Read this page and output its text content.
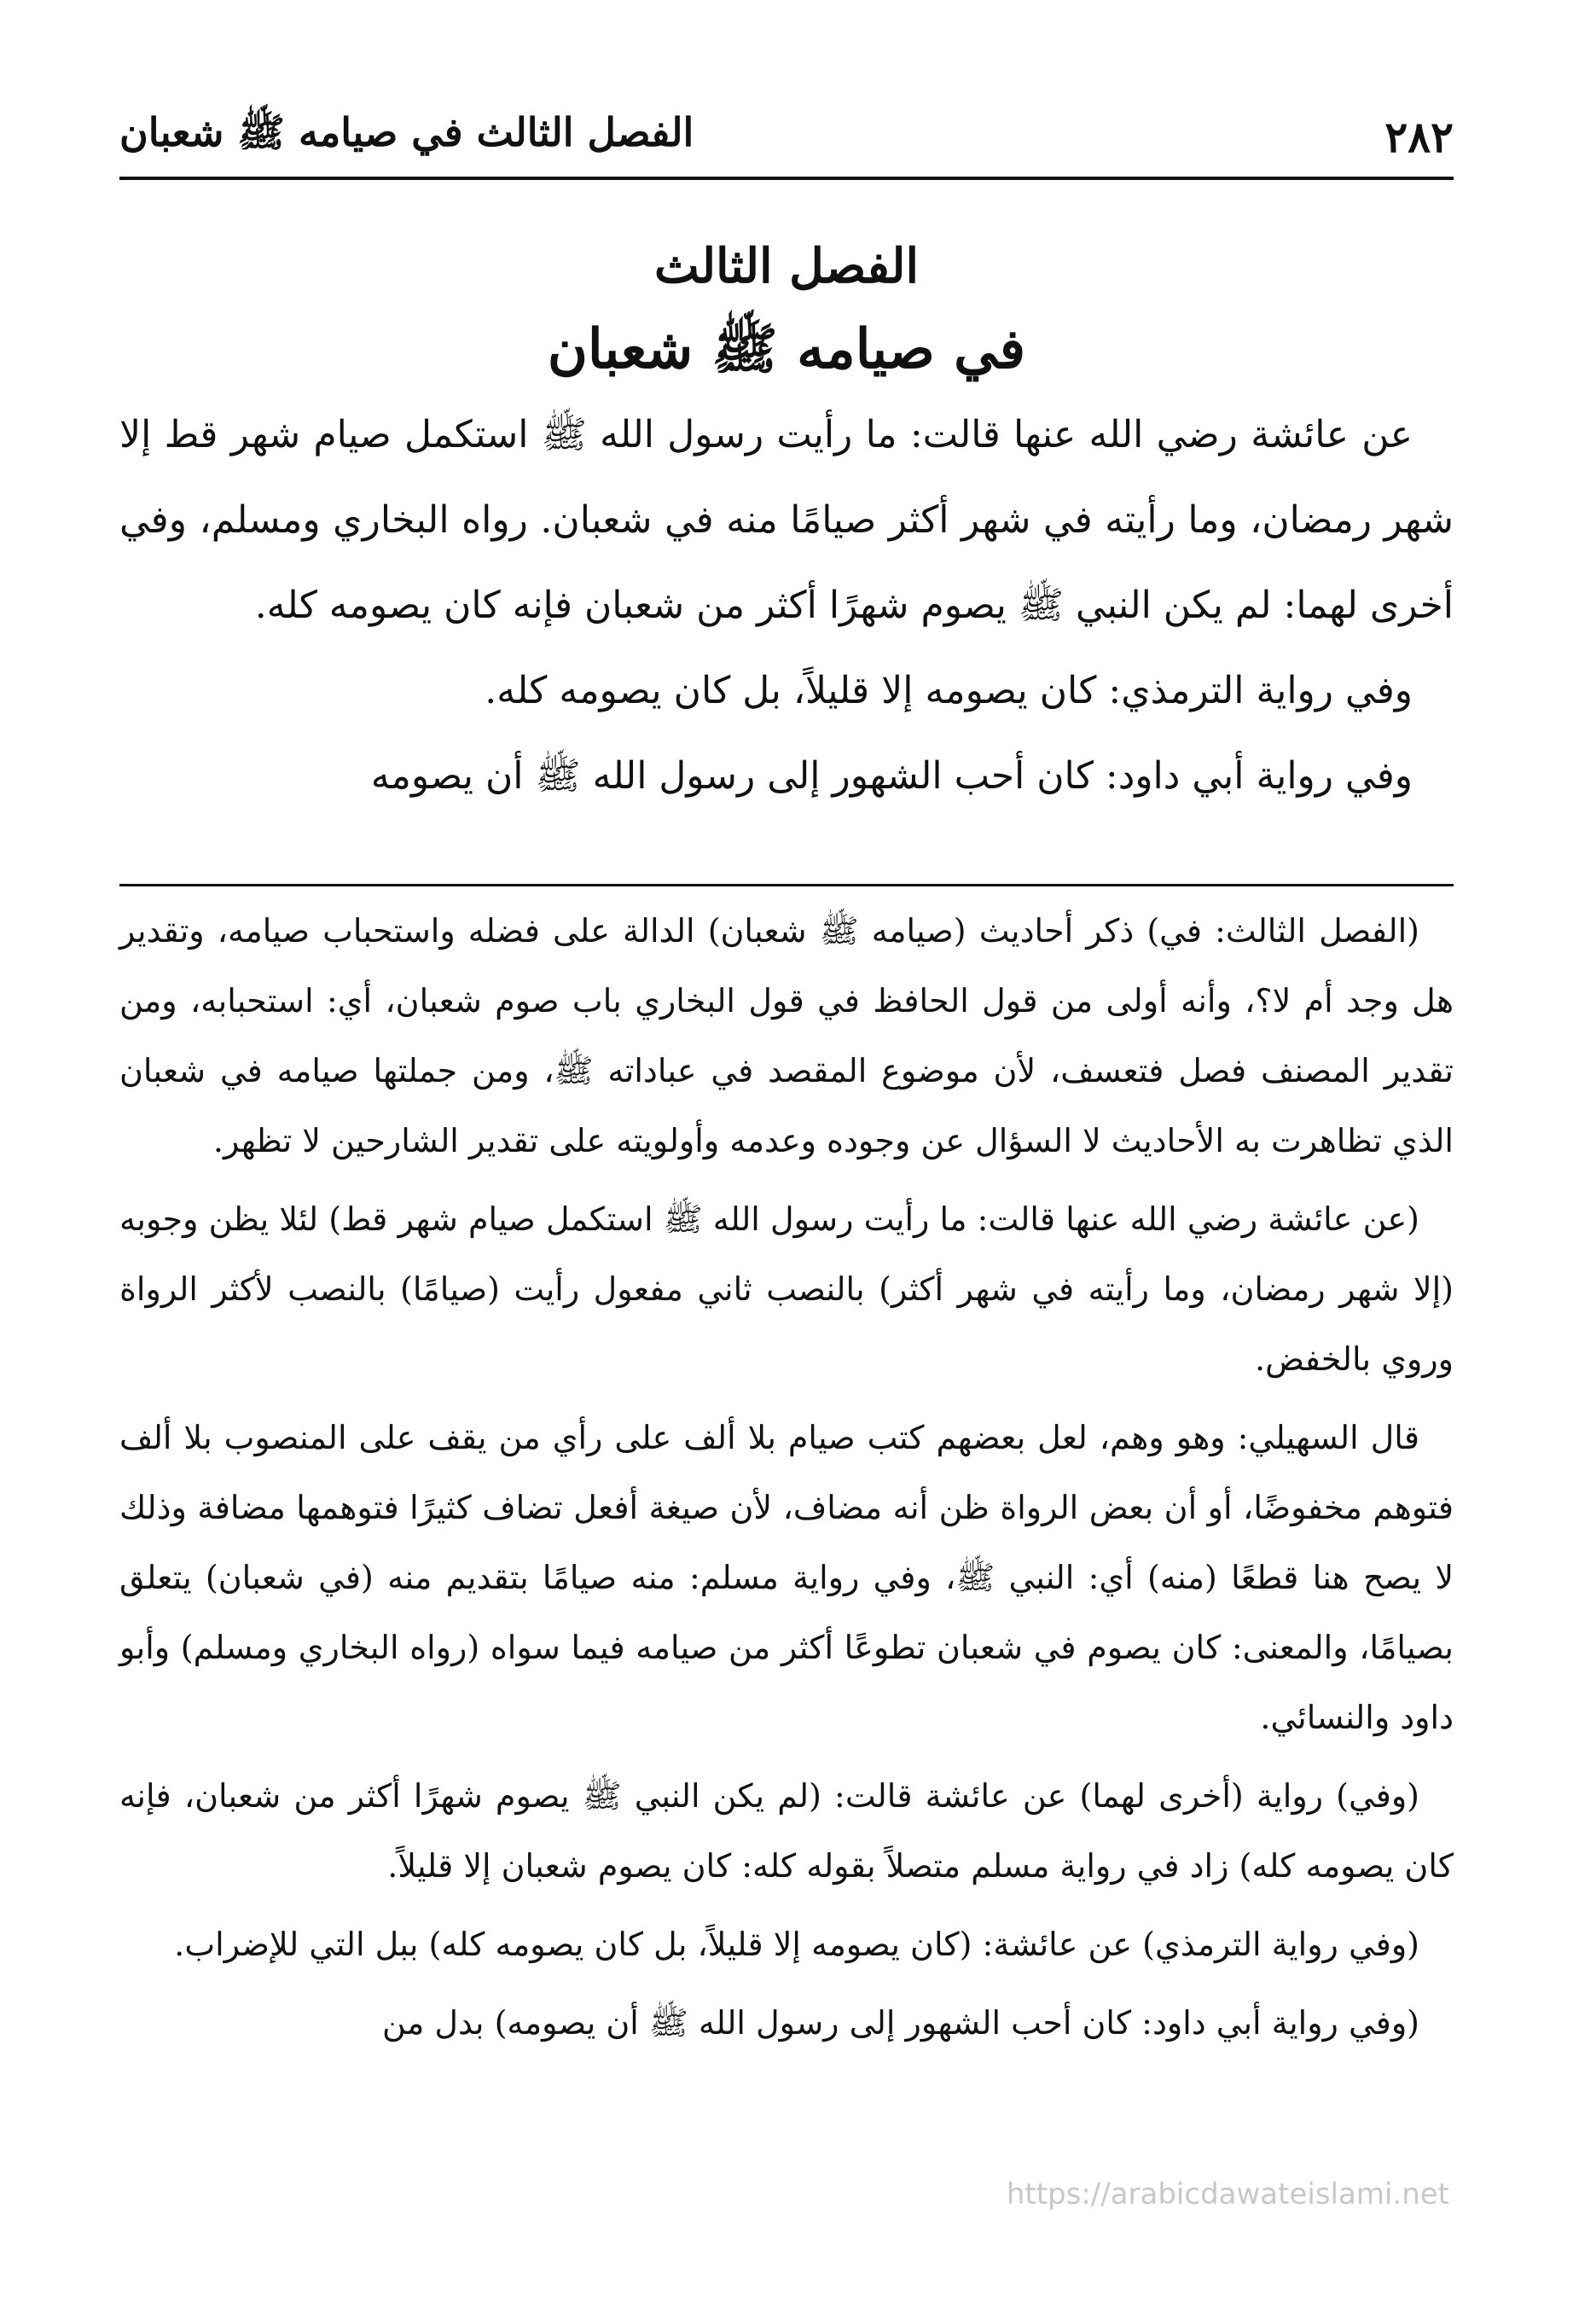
٢٨٢
الفصل الثالث في صيامه ﷺ شعبان
الفصل الثالث
في صيامه ﷺ شعبان

عن عائشة رضي الله عنها قالت: ما رأيت رسول الله ﷺ استكمل صيام شهر قط إلا شهر رمضان، وما رأيته في شهر أكثر صيامًا منه في شعبان. رواه البخاري ومسلم، وفي أخرى لهما: لم يكن النبي ﷺ يصوم شهرًا أكثر من شعبان فإنه كان يصومه كله.

وفي رواية الترمذي: كان يصومه إلا قليلاً، بل كان يصومه كله.

وفي رواية أبي داود: كان أحب الشهور إلى رسول الله ﷺ أن يصومه

(الفصل الثالث: في) ذكر أحاديث (صيامه ﷺ شعبان) الدالة على فضله واستحباب صيامه، وتقدير هل وجد أم لا؟، وأنه أولى من قول الحافظ في قول البخاري باب صوم شعبان، أي: استحبابه، ومن تقدير المصنف فصل فتعسف، لأن موضوع المقصد في عباداته ﷺ، ومن جملتها صيامه في شعبان الذي تظاهرت به الأحاديث لا السؤال عن وجوده وعدمه وأولويته على تقدير الشارحين لا تظهر.

(عن عائشة رضي الله عنها قالت: ما رأيت رسول الله ﷺ استكمل صيام شهر قط) لئلا يظن وجوبه (إلا شهر رمضان، وما رأيته في شهر أكثر) بالنصب ثاني مفعول رأيت (صيامًا) بالنصب لأكثر الرواة وروي بالخفض.

قال السهيلي: وهو وهم، لعل بعضهم كتب صيام بلا ألف على رأي من يقف على المنصوب بلا ألف فتوهم مخفوضًا، أو أن بعض الرواة ظن أنه مضاف، لأن صيغة أفعل تضاف كثيرًا فتوهمها مضافة وذلك لا يصح هنا قطعًا (منه) أي: النبي ﷺ، وفي رواية مسلم: منه صيامًا بتقديم منه (في شعبان) يتعلق بصيامًا، والمعنى: كان يصوم في شعبان تطوعًا أكثر من صيامه فيما سواه (رواه البخاري ومسلم) وأبو داود والنسائي.

(وفي) رواية (أخرى لهما) عن عائشة قالت: (لم يكن النبي ﷺ يصوم شهرًا أكثر من شعبان، فإنه كان يصومه كله) زاد في رواية مسلم متصلاً بقوله كله: كان يصوم شعبان إلا قليلاً.

(وفي رواية الترمذي) عن عائشة: (كان يصومه إلا قليلاً، بل كان يصومه كله) ببل التي للإضراب.

(وفي رواية أبي داود: كان أحب الشهور إلى رسول الله ﷺ أن يصومه) بدل من

https://arabicdawateislami.net
